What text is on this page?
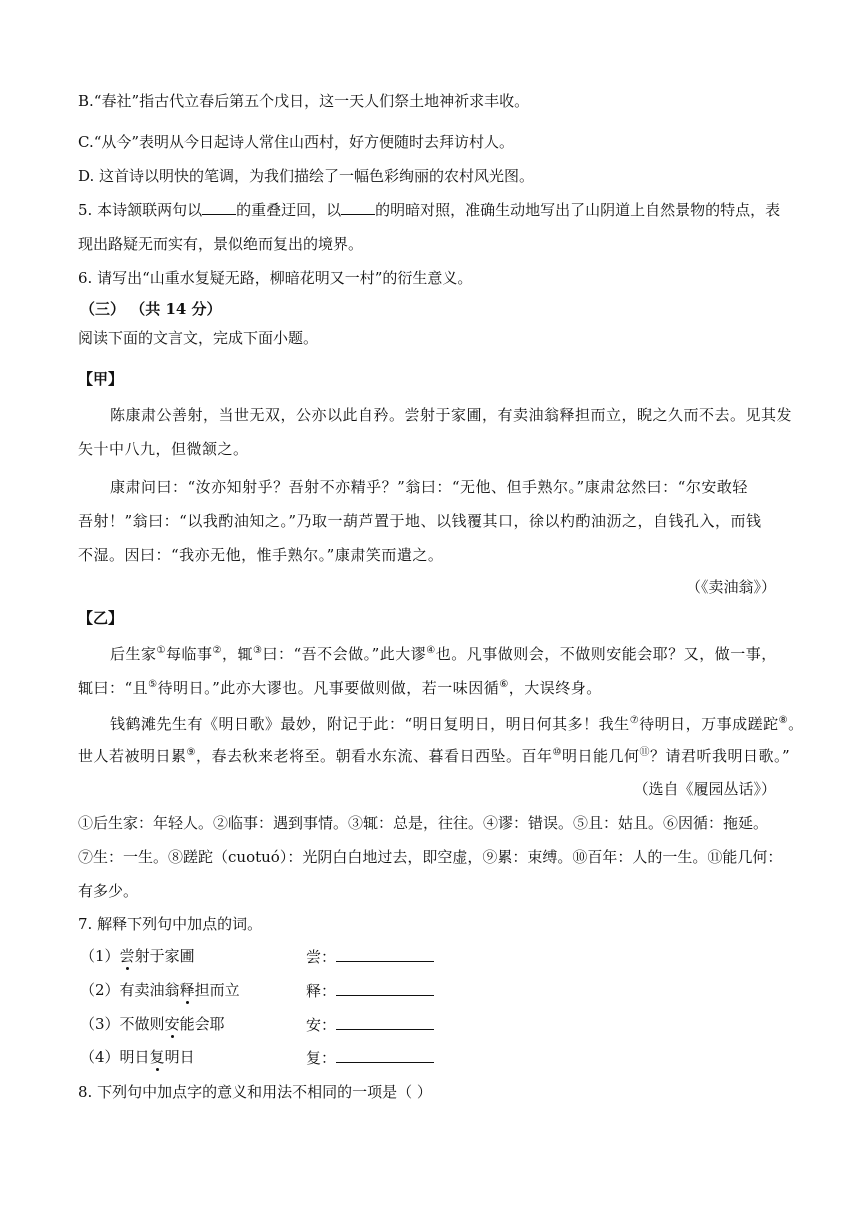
B.“春社”指古代立春后第五个戊日，这一天人们祭土地神祈求丰收。
C.“从今”表明从今日起诗人常住山西村，好方便随时去拜访村人。
D. 这首诗以明快的笔调，为我们描绘了一幅色彩绚丽的农村风光图。
5. 本诗颔联两句以 的重叠迂回，以 的明暗对照，准确生动地写出了山阴道上自然景物的特点，表
现出路疑无而实有，景似绝而复出的境界。
6. 请写出“山重水复疑无路，柳暗花明又一村”的衍生意义。
（三） （共 14 分）
阅读下面的文言文，完成下面小题。
【甲】
陈康肃公善射，当世无双，公亦以此自矜。尝射于家圃，有卖油翁释担而立，睨之久而不去。见其发
矢十中八九，但微颔之。
康肃问曰：“汝亦知射乎？吾射不亦精乎？”翁曰：“无他、但手熟尔。”康肃忿然曰：“尔安敢轻
吾射！”翁曰：“以我酌油知之。”乃取一葫芦置于地、以钱覆其口，徐以杓酌油沥之，自钱孔入，而钱
不湿。因曰：“我亦无他，惟手熟尔。”康肃笑而遣之。
（《卖油翁》）
【乙】
后生家①每临事②，辄③曰：“吾不会做。”此大谬④也。凡事做则会，不做则安能会耶？又，做一事，
辄曰：“且⑤待明日。”此亦大谬也。凡事要做则做，若一味因循⑥，大误终身。
钱鹤滩先生有《明日歌》最妙，附记于此：“明日复明日，明日何其多！我生⑦待明日，万事成蹉跎⑧。
世人若被明日累⑨，春去秋来老将至。朝看水东流、暮看日西坠。百年⑩明日能几何⑪？请君听我明日歌。”
（选自《履园丛话》）
①后生家：年轻人。②临事：遇到事情。③辄：总是，往往。④谬：错误。⑤且：姑且。⑥因循：拖延。
⑦生：一生。⑧蹉跎（cuotuó）：光阴白白地过去，即空虚，⑨累：束缚。⑩百年：人的一生。⑪能几何：
有多少。
7. 解释下列句中加点的词。
（1）尝射于家圃	尝：
（2）有卖油翁释担而立	释：
（3）不做则安能会耶	安：
（4）明日复明日	复：
8. 下列句中加点字的意义和用法不相同的一项是（ ）
